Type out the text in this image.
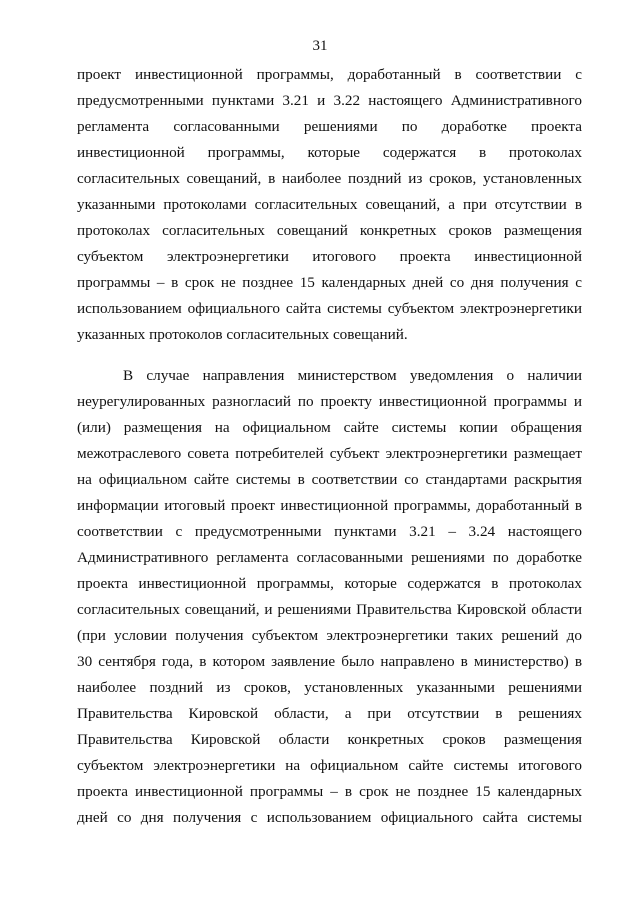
31
проект инвестиционной программы, доработанный в соответствии с
предусмотренными пунктами 3.21 и 3.22 настоящего Административного
регламента согласованными решениями по доработке проекта
инвестиционной программы, которые содержатся в протоколах
согласительных совещаний, в наиболее поздний из сроков, установленных
указанными протоколами согласительных совещаний, а при отсутствии в
протоколах согласительных совещаний конкретных сроков размещения
субъектом электроэнергетики итогового проекта инвестиционной
программы – в срок не позднее 15 календарных дней со дня получения с
использованием официального сайта системы субъектом электроэнергетики
указанных протоколов согласительных совещаний.
В случае направления министерством уведомления о наличии
неурегулированных разногласий по проекту инвестиционной программы и
(или) размещения на официальном сайте системы копии обращения
межотраслевого совета потребителей субъект электроэнергетики размещает
на официальном сайте системы в соответствии со стандартами раскрытия
информации итоговый проект инвестиционной программы, доработанный в
соответствии с предусмотренными пунктами 3.21 – 3.24 настоящего
Административного регламента согласованными решениями по доработке
проекта инвестиционной программы, которые содержатся в протоколах
согласительных совещаний, и решениями Правительства Кировской области
(при условии получения субъектом электроэнергетики таких решений до
30 сентября года, в котором заявление было направлено в министерство) в
наиболее поздний из сроков, установленных указанными решениями
Правительства Кировской области, а при отсутствии в решениях
Правительства Кировской области конкретных сроков размещения
субъектом электроэнергетики на официальном сайте системы итогового
проекта инвестиционной программы – в срок не позднее 15 календарных
дней со дня получения с использованием официального сайта системы
